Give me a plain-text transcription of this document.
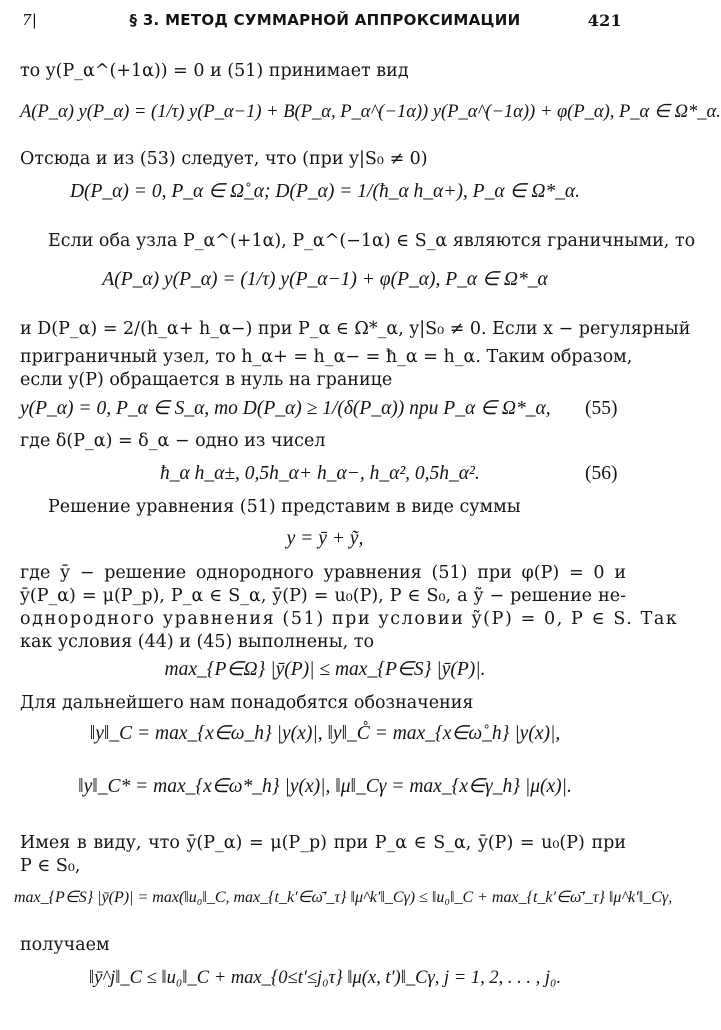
7|	§ 3. МЕТОД СУММАРНОЙ АППРОКСИМАЦИИ	421
то y(P_α^(+1α)) = 0 и (51) принимает вид
A(P_α) y(P_α) = (1/τ) y(P_α−1) + B(P_α, P_α^(−1α)) y(P_α^(−1α)) + φ(P_α), P_α ∈ Ω*_α.
Отсюда и из (53) следует, что (при y|S₀ ≠ 0)
D(P_α) = 0, P_α ∈ Ω̊_α; D(P_α) = 1/(ħ_α h_α+), P_α ∈ Ω*_α.
Если оба узла P_α^(+1α), P_α^(−1α) ∈ S_α являются граничными, то
A(P_α) y(P_α) = (1/τ) y(P_α−1) + φ(P_α), P_α ∈ Ω*_α
и D(P_α) = 2/(h_α+ h_α−) при P_α ∈ Ω*_α, y|S₀ ≠ 0. Если x − регулярный
приграничный узел, то h_α+ = h_α− = ħ_α = h_α. Таким образом,
если y(P) обращается в нуль на границе
y(P_α) = 0, P_α ∈ S_α, то D(P_α) ≥ 1/(δ(P_α)) при P_α ∈ Ω*_α, (55)
где δ(P_α) = δ_α − одно из чисел
ħ_α h_α±, 0,5h_α+ h_α−, h_α², 0,5h_α².	(56)
Решение уравнения (51) представим в виде суммы
y = ȳ + ỹ,
где ȳ − решение однородного уравнения (51) при φ(P) = 0 и
ȳ(P_α) = μ(P_p), P_α ∈ S_α, ȳ(P) = u₀(P), P ∈ S₀, а ỹ − решение не-
однородного уравнения (51) при условии ỹ(P) = 0, P ∈ S. Так
как условия (44) и (45) выполнены, то
max_{P∈Ω} |ȳ(P)| ≤ max_{P∈S} |ȳ(P)|.
Для дальнейшего нам понадобятся обозначения
‖y‖_C = max_{x∈ω_h} |y(x)|, ‖y‖_C̊ = max_{x∈ω̊_h} |y(x)|,
‖y‖_C* = max_{x∈ω*_h} |y(x)|, ‖μ‖_Cγ = max_{x∈γ_h} |μ(x)|.
Имея в виду, что ȳ(P_α) = μ(P_p) при P_α ∈ S_α, ȳ(P) = u₀(P) при
P ∈ S₀,
max_{P∈S} |ȳ(P)| = max(‖u₀‖_C, max_{t_k′∈ω̄′_τ} ‖μ^k′‖_Cγ) ≤ ‖u₀‖_C + max_{t_k′∈ω̄′_τ} ‖μ^k′‖_Cγ,
получаем
‖ȳ^j‖_C ≤ ‖u₀‖_C + max_{0≤t′≤j₀τ} ‖μ(x, t′)‖_Cγ, j = 1, 2, . . . , j₀.
